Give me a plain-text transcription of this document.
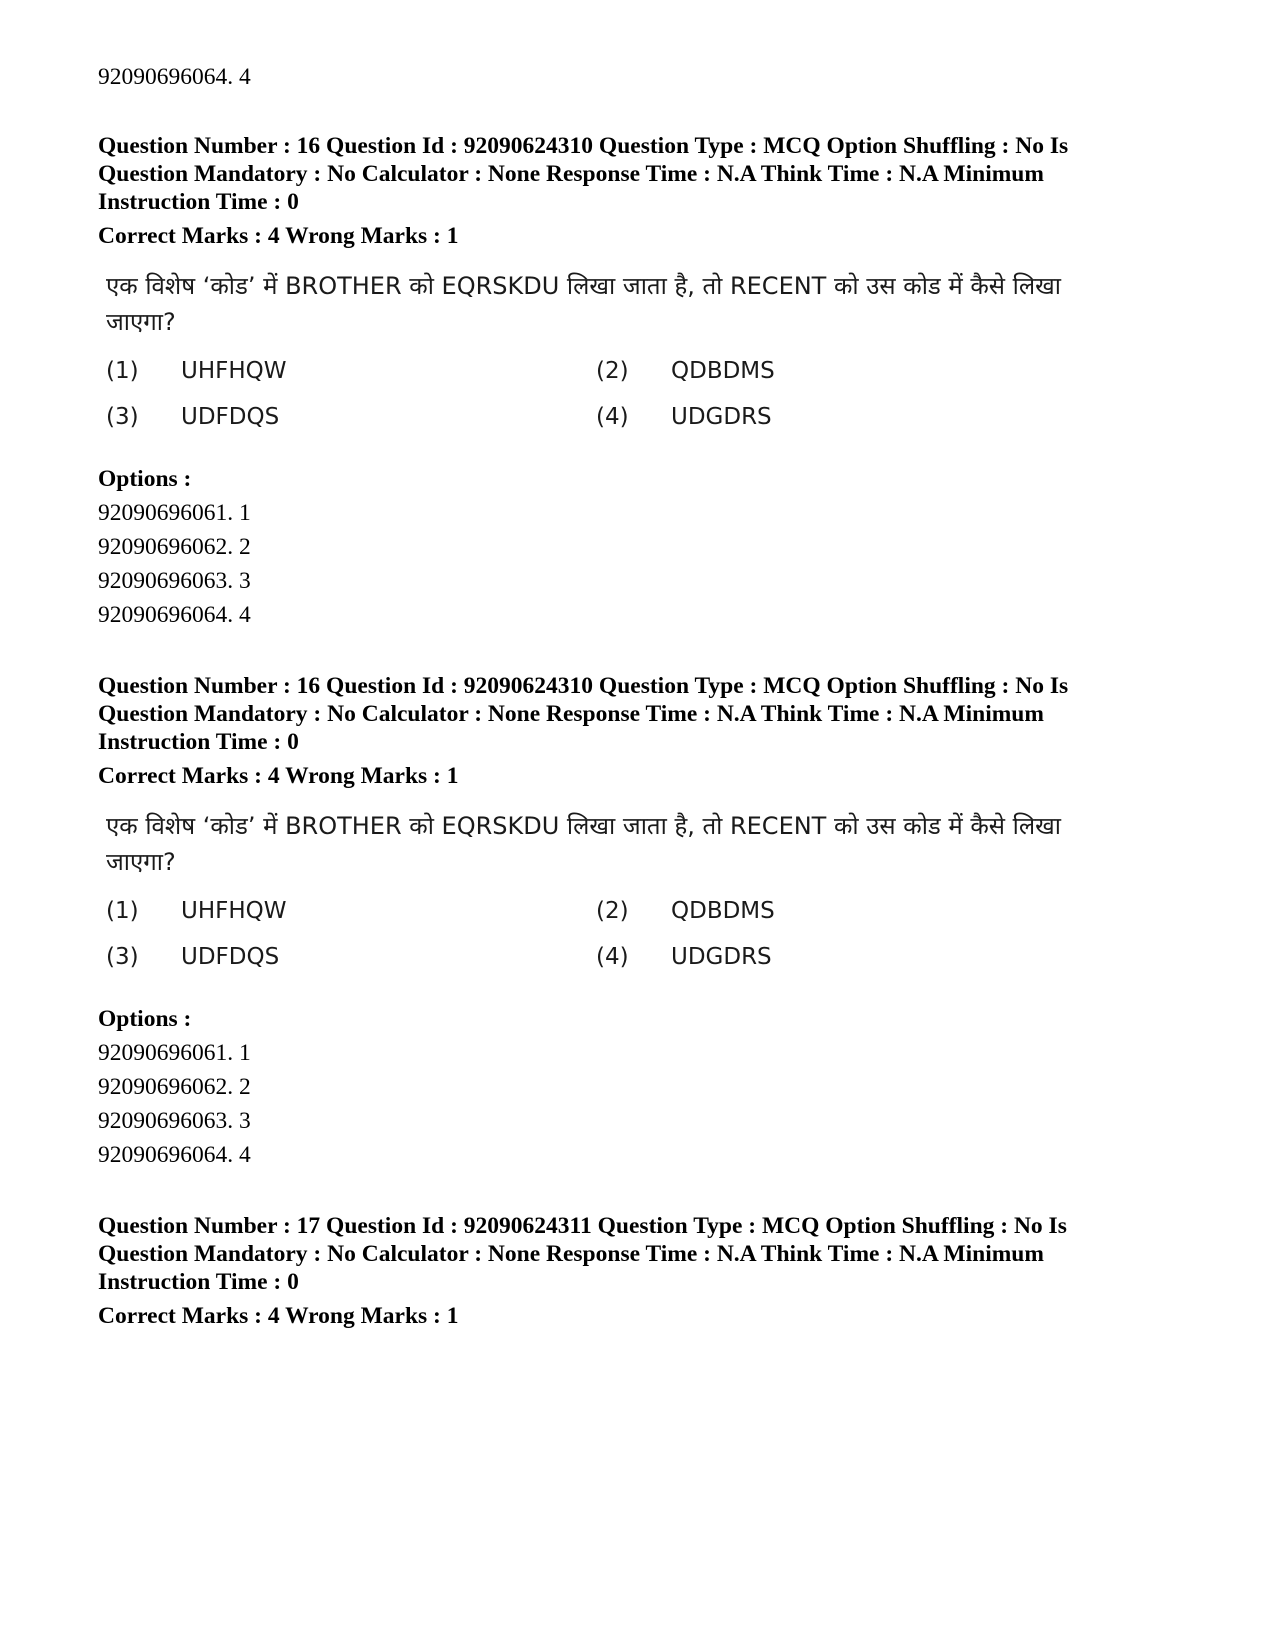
92090696064. 4

Question Number : 16 Question Id : 92090624310 Question Type : MCQ Option Shuffling : No Is

Question Mandatory : No Calculator : None Response Time : N.A Think Time : N.A Minimum

Instruction Time : 0

Correct Marks : 4 Wrong Marks : 1
एक विशेष ‘कोड’ में BROTHER को EQRSKDU लिखा जाता है, तो RECENT को उस कोड में कैसे लिखा जाएगा?
(1)	UHFHQW	(2)	QDBDMS
(3)	UDFDQS	(4)	UDGDRS
Options :
92090696061. 1
92090696062. 2
92090696063. 3
92090696064. 4

Question Number : 16 Question Id : 92090624310 Question Type : MCQ Option Shuffling : No Is

Question Mandatory : No Calculator : None Response Time : N.A Think Time : N.A Minimum

Instruction Time : 0

Correct Marks : 4 Wrong Marks : 1
एक विशेष ‘कोड’ में BROTHER को EQRSKDU लिखा जाता है, तो RECENT को उस कोड में कैसे लिखा जाएगा?
(1)	UHFHQW	(2)	QDBDMS
(3)	UDFDQS	(4)	UDGDRS
Options :
92090696061. 1
92090696062. 2
92090696063. 3
92090696064. 4

Question Number : 17 Question Id : 92090624311 Question Type : MCQ Option Shuffling : No Is

Question Mandatory : No Calculator : None Response Time : N.A Think Time : N.A Minimum

Instruction Time : 0

Correct Marks : 4 Wrong Marks : 1
